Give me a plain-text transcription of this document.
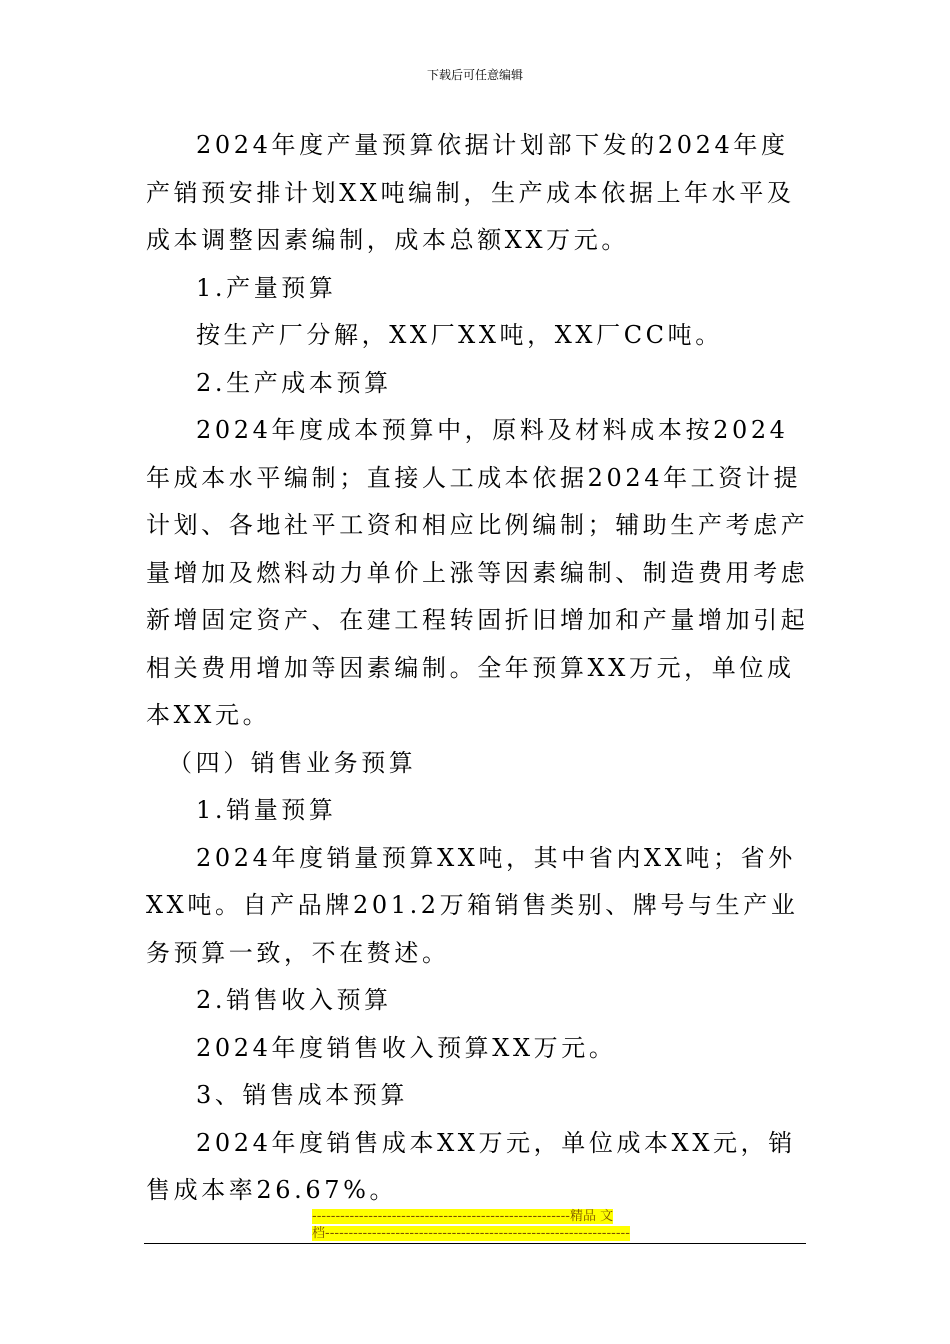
下载后可任意编辑

2024年度产量预算依据计划部下发的2024年度产销预安排计划XX吨编制，生产成本依据上年水平及成本调整因素编制，成本总额XX万元。

1.产量预算

按生产厂分解，XX厂XX吨，XX厂CC吨。

2.生产成本预算

2024年度成本预算中，原料及材料成本按2024年成本水平编制；直接人工成本依据2024年工资计提计划、各地社平工资和相应比例编制；辅助生产考虑产量增加及燃料动力单价上涨等因素编制、制造费用考虑新增固定资产、在建工程转固折旧增加和产量增加引起相关费用增加等因素编制。全年预算XX万元，单位成本XX元。

（四）销售业务预算

1.销量预算

2024年度销量预算XX吨，其中省内XX吨；省外XX吨。自产品牌201.2万箱销售类别、牌号与生产业务预算一致，不在赘述。

2.销售收入预算

2024年度销售收入预算XX万元。

3、销售成本预算

2024年度销售成本XX万元，单位成本XX元，销售成本率26.67%。

-------------------------------------------------------精品 文
档-----------------------------------------------------------------
